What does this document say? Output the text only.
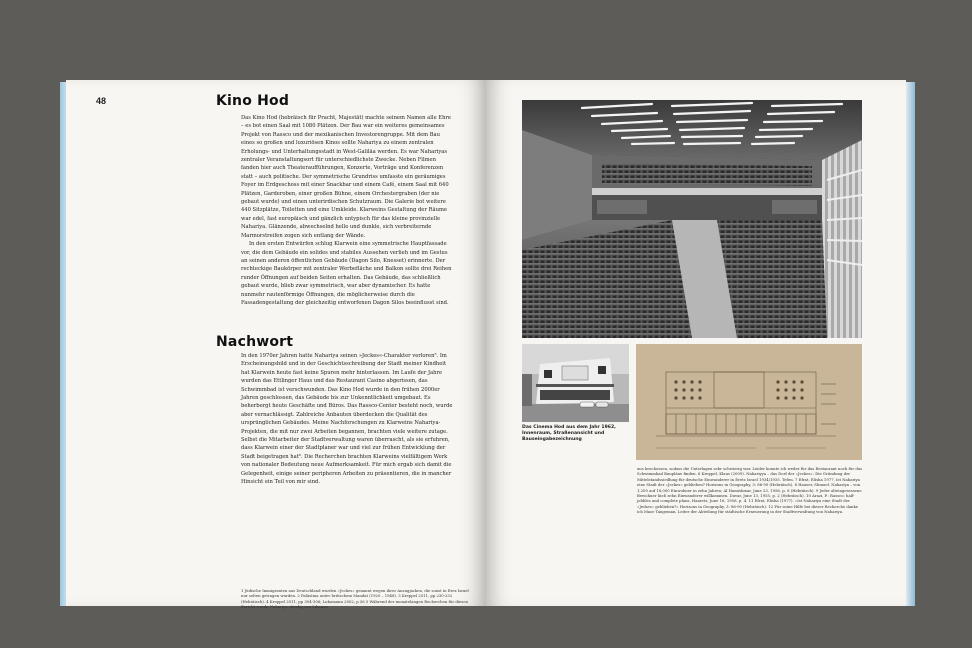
48	Kino Hod

Das Kino Hod (hebräisch für Pracht, Majestät) machte seinem Namen alle Ehre – es bot einen Saal mit 1080 Plätzen. Der Bau war ein weiteres gemeinsames Projekt von Rassco und der mexikanischen Investorengruppe. Mit dem Bau eines so großen und luxuriösen Kinos sollte Nahariya zu einem zentralen Erholungs- und Unterhaltungsstadt in West-Galiläa werden. Es war Nahariyas zentraler Veranstaltungsort für unterschiedlichste Zwecke. Neben Filmen fanden hier auch Theateraufführungen, Konzerte, Vorträge und Konferenzen statt – auch politische. Der symmetrische Grundriss umfasste ein geräumiges Foyer im Erdgeschoss mit einer Snackbar und einem Café, einem Saal mit 640 Plätzen, Garderoben, einer großen Bühne, einem Orchestergraben (der nie gebaut wurde) und einen unterirdischen Schutzraum. Die Galerie bot weitere 440 Sitzplätze, Toiletten und eine Umkleide. Klarweins Gestaltung der Räume war edel, fast europäisch und gänzlich untypisch für das kleine provinzielle Nahariya. Glänzende, abwechselnd helle und dunkle, sich verbreiternde Marmorstreifen zogen sich entlang der Wände.

In den ersten Entwürfen schlug Klarwein eine symmetrische Hauptfassade vor, die dem Gebäude ein solides und stabiles Aussehen verlieh und im Gestus an seinen anderen öffentlichen Gebäude (Dagon Silo, Knesset) erinnerte. Der rechteckige Baukörper mit zentraler Werbefläche und Balkon sollte drei Reihen runder Öffnungen auf beiden Seiten erhalten. Das Gebäude, das schließlich gebaut wurde, blieb zwar symmetrisch, war aber dynamischer. Es hatte nunmehr rautenförmige Öffnungen, die möglicherweise durch die Fassadengestaltung der gleichzeitig entworfenen Dagon Silos beeinflusst sind.

Nachwort

In den 1970er Jahren hatte Nahariya seinen »Jeckes«-Charakter verloren⁵. Im Erscheinungsbild und in der Geschichtsschreibung der Stadt meiner Kindheit hat Klarwein heute fast keine Spuren mehr hinterlassen. Im Laufe der Jahre wurden das Ettlinger Haus und das Restaurant Casino abgerissen, das Schwimmbad ist verschwunden. Das Kino Hod wurde in den frühen 2000er Jahren geschlossen, das Gebäude bis zur Unkenntlichkeit umgebaut. Es beherbergt heute Geschäfte und Büros. Das Rassco-Center besteht noch, wurde aber vernachlässigt. Zahlreiche Anbauten überdecken die Qualität des ursprünglichen Gebäudes. Meine Nachforschungen zu Klarweins Nahariya-Projekten, die mit nur zwei Arbeiten begannen, brachten viele weitere zutage. Selbst die Mitarbeiter der Stadtverwaltung waren überrascht, als sie erfuhren, dass Klarwein einer der Stadtplaner war und viel zur frühen Entwicklung der Stadt beigetragen hat⁶. Die Recherchen brachten Klarweins vielfältigem Werk von nationaler Bedeutung neue Aufmerksamkeit. Für mich ergab sich damit die Gelegenheit, einige seiner peripheren Arbeiten zu präsentieren, die in mancher Hinsicht ein Teil von mir sind.

1 Jüdische Immigranten aus Deutschland wurden »Jeckes« genannt wegen ihrer Anzugjacken, die sonst in Erez Israel nur selten getragen wurden. 2 Palästina unter britischem Mandat (1920 – 1948). 3 Kreppel 2011, pp 230-232 (Hebräisch). 4 Kreppel 2011, pp 304-306; Lukomann 2002, p 56 5 Während der monatelangen Recherchen für diesen Bericht wurde Nahariya ständig von Libanon
Das Cinema Hod aus dem Jahr 1962, Innenraum, Straßenansicht und Bauseingabezeichnung
aus beschossen, sodass die Unterlagen sehr schwierig war. Leider konnte ich weder für das Restaurant noch für das Schwimmbad Baupläne finden. 6 Kreppel, Klaus (2009). Nahariyya – das Dorf der »Jeckes«: Die Gründung der Mittelstandssiedlung für deutsche Einwanderer in Eretz Israel 1934/1935. Tefen. 7 Efrat, Elisha 1977. Ist Nahariya eine Stadt der »Jeckes« geblieben? Horizons in Geography, 3: 86-90 (Hebräisch). 8 Hauser, Shmuel. Nahariya – von 1,200 auf 18,000 Einwohner in zehn Jahren; Al Hamishmar, June 23, 1956, p. 8 (Hebräisch). 9 Jeder alteingesessene Bewohner hieß zehn Einwanderer willkommen. Davar, June 13, 1955, p. 2 (Hebräisch). 10 Arazi, P.: Rassco: half-jobbles and complete plans, Haaretz, June 16, 1956, p. 4. 11 Efrat, Elisha (1977). »Ist Nahariya eine Stadt der »Jeckes« geblieben?« Horizons in Geography, 3: 86-90 (Hebräisch). 12 Für seine Hilfe bei dieser Recherche danke ich Maor Tangeman, Leiter der Abteilung für städtische Erneuerung in der Stadtverwaltung von Nahariya.
